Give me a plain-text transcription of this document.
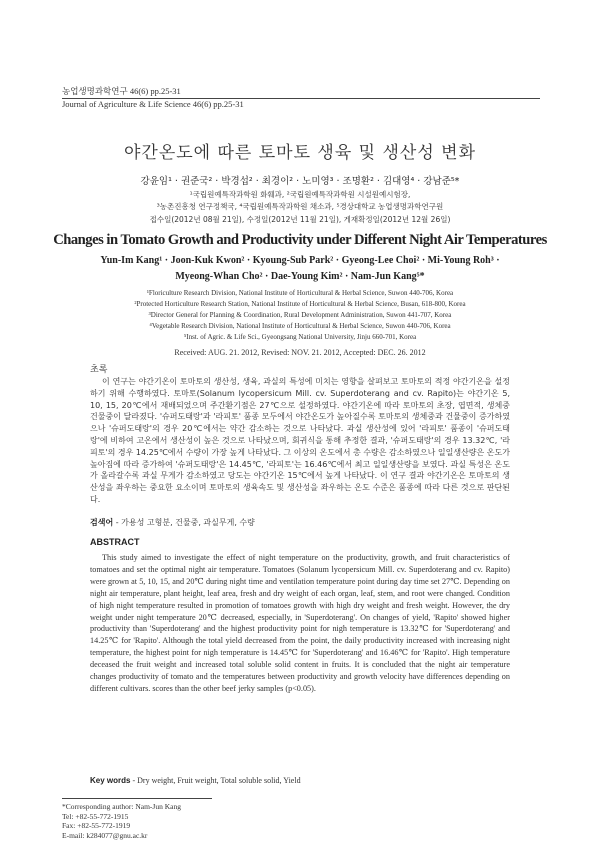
농업생명과학연구 46(6) pp.25-31
Journal of Agriculture & Life Science 46(6) pp.25-31
야간온도에 따른 토마토 생육 및 생산성 변화
강윤임¹ · 권준국² · 박경섭² · 최경이² · 노미영³ · 조명환² · 김대영⁴ · 강남준⁵*
¹국립원예특작과학원 화훼과, ²국립원예특작과학원 시설원예시험장,
³농촌진흥청 연구정책국, ⁴국립원예특작과학원 채소과, ⁵경상대학교 농업생명과학연구원
접수일(2012년 08월 21일), 수정일(2012년 11월 21일), 게재확정일(2012년 12월 26일)
Changes in Tomato Growth and Productivity under Different Night Air Temperatures
Yun-Im Kang¹ · Joon-Kuk Kwon² · Kyoung-Sub Park² · Gyeong-Lee Choi² · Mi-Young Roh³ ·
Myeong-Whan Cho² · Dae-Young Kim² · Nam-Jun Kang⁵*
¹Floriculture Research Division, National Institute of Horticultural & Herbal Science, Suwon 440-706, Korea
²Protected Horticulture Research Station, National Institute of Horticultural & Herbal Science, Busan, 618-800, Korea
³Director General for Planning & Coordination, Rural Development Administration, Suwon 441-707, Korea
⁴Vegetable Research Division, National Institute of Horticultural & Herbal Science, Suwon 440-706, Korea
⁵Inst. of Agric. & Life Sci., Gyeongsang National University, Jinju 660-701, Korea
Received: AUG. 21. 2012, Revised: NOV. 21. 2012, Accepted: DEC. 26. 2012
초록
이 연구는 야간기온이 토마토의 생산성, 생육, 과실의 특성에 미치는 영향을 살펴보고 토마토의 적정 야간기온을 설정하기 위해 수행하였다. 토마토(Solanum lycopersicum Mill. cv. Superdoterang and cv. Rapito)는 야간기온 5, 10, 15, 20℃에서 재배되었으며 주간환기점은 27℃으로 설정하였다. 야간기온에 따라 토마토의 초장, 엽면적, 생체중 건물중이 달라졌다. '슈퍼도태랑'과 '라피토' 품종 모두에서 야간온도가 높아질수록 토마토의 생체중과 건물중이 증가하였으나 '슈퍼도태랑'의 경우 20℃에서는 약간 감소하는 것으로 나타났다. 과실 생산성에 있어 '라피토' 품종이 '슈퍼도태랑'에 비하여 고온에서 생산성이 높은 것으로 나타났으며, 회귀식을 통해 추정한 결과, '슈퍼도태랑'의 경우 13.32℃, '라피토'의 경우 14.25℃에서 수량이 가장 높게 나타났다. 그 이상의 온도에서 총 수량은 감소하였으나 일일생산량은 온도가 높아짐에 따라 증가하여 '슈퍼도태랑'은 14.45℃, '라피토'는 16.46℃에서 최고 일일생산량을 보였다. 과실 특성은 온도가 올라갈수록 과실 무게가 감소하였고 당도는 야간기온 15℃에서 높게 나타났다. 이 연구 결과 야간기온은 토마토의 생산성을 좌우하는 중요한 요소이며 토마토의 생육속도 및 생산성을 좌우하는 온도 수준은 품종에 따라 다른 것으로 판단된다.
검색어 - 가용성 고형분, 건물중, 과실무게, 수량
ABSTRACT
This study aimed to investigate the effect of night temperature on the productivity, growth, and fruit characteristics of tomatoes and set the optimal night air temperature. Tomatoes (Solanum lycopersicum Mill. cv. Superdoterang and cv. Rapito) were grown at 5, 10, 15, and 20℃ during night time and ventilation temperature point during day time set 27℃. Depending on night air temperature, plant height, leaf area, fresh and dry weight of each organ, leaf, stem, and root were changed. Condition of high night temperature resulted in promotion of tomatoes growth with high dry weight and fresh weight. However, the dry weight under night temperature 20℃ decreased, especially, in 'Superdoterang'. On changes of yield, 'Rapito' showed higher productivity than 'Superdoterang' and the highest productivity point for nigh temperature is 13.32℃ for 'Superdoterang' and 14.25℃ for 'Rapito'. Although the total yield decreased from the point, the daily productivity increased with increasing night temperature, the highest point for nigh temperature is 14.45℃ for 'Superdoterang' and 16.46℃ for 'Rapito'. High temperature deceased the fruit weight and increased total soluble solid content in fruits. It is concluded that the night air temperature changes productivity of tomato and the temperatures between productivity and growth velocity have differences depending on different cultivars. scores than the other beef jerky samples (p<0.05).
Key words - Dry weight, Fruit weight, Total soluble solid, Yield
*Corresponding author: Nam-Jun Kang
Tel: +82-55-772-1915
Fax: +82-55-772-1919
E-mail: k284077@gnu.ac.kr
